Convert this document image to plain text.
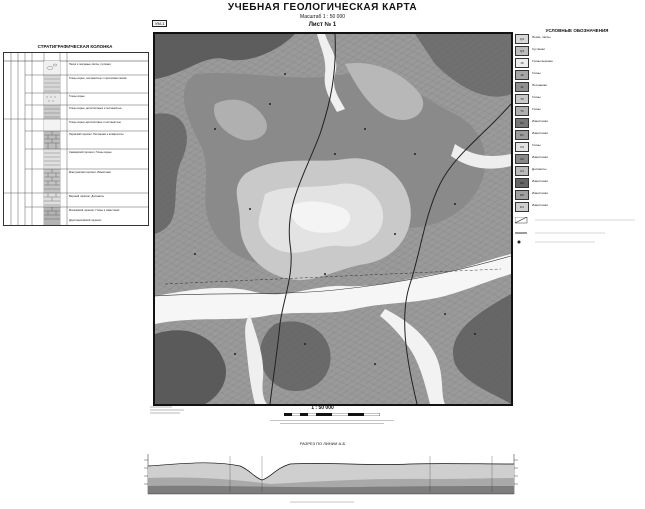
УЧЕБНАЯ ГЕОЛОГИЧЕСКАЯ КАРТА
Масштаб 1 : 50 000
Лист № 1
УМ-1
СТРАТИГРАФИЧЕСКАЯ КОЛОНКА
Пески и песчаные лёссы, суглинки
Глины серые, песчанистые с прослоями песков
Глины серые
Глины серые, аргиллитовые и песчанистые
Глины серые аргиллитовые и песчанистые
Пермский горизонт. Песчаники и алевролиты
Сакмарский горизонт. Глины серые
Мантуанский горизонт. Известняки
Верхний горизонт. Доломиты
Московский горизонт. Глины и известняки
Дорогомиловский горизонт
УСЛОВНЫЕ ОБОЗНАЧЕНИЯ
Q4	Пески, лёссы
Q3	Суглинки
J3	Глины верхние
J2	Глины
J1	Песчаники
T2	Глины
T1	Глины
P2	Известняки
P1	Известняки
C3	Глины
C2	Известняки
C1	Доломиты
D3	Известняки
D2	Известняки
D1	Известняки
1 : 50 000
РАЗРЕЗ ПО ЛИНИИ А-Б
